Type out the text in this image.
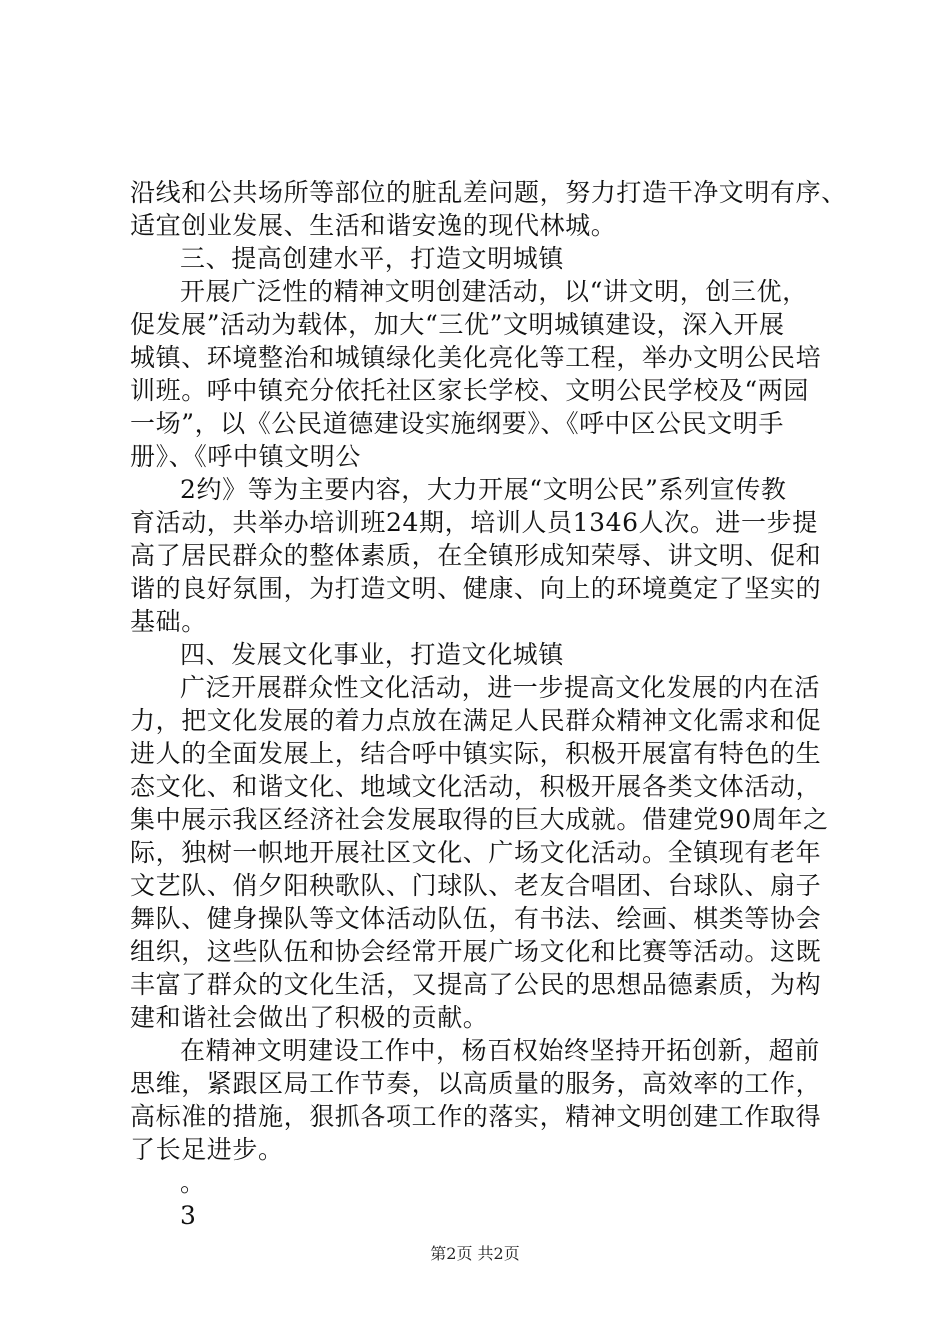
沿线和公共场所等部位的脏乱差问题，努力打造干净文明有序、
适宜创业发展、生活和谐安逸的现代林城。
三、提高创建水平，打造文明城镇
开展广泛性的精神文明创建活动，以“讲文明，创三优，
促发展”活动为载体，加大“三优”文明城镇建设，深入开展
城镇、环境整治和城镇绿化美化亮化等工程，举办文明公民培
训班。呼中镇充分依托社区家长学校、文明公民学校及“两园
一场”，以《公民道德建设实施纲要》、《呼中区公民文明手
册》、《呼中镇文明公
2约》等为主要内容，大力开展“文明公民”系列宣传教
育活动，共举办培训班24期，培训人员1346人次。进一步提
高了居民群众的整体素质，在全镇形成知荣辱、讲文明、促和
谐的良好氛围，为打造文明、健康、向上的环境奠定了坚实的
基础。
四、发展文化事业，打造文化城镇
广泛开展群众性文化活动，进一步提高文化发展的内在活
力，把文化发展的着力点放在满足人民群众精神文化需求和促
进人的全面发展上，结合呼中镇实际，积极开展富有特色的生
态文化、和谐文化、地域文化活动，积极开展各类文体活动，
集中展示我区经济社会发展取得的巨大成就。借建党90周年之
际，独树一帜地开展社区文化、广场文化活动。全镇现有老年
文艺队、俏夕阳秧歌队、门球队、老友合唱团、台球队、扇子
舞队、健身操队等文体活动队伍，有书法、绘画、棋类等协会
组织，这些队伍和协会经常开展广场文化和比赛等活动。这既
丰富了群众的文化生活，又提高了公民的思想品德素质，为构
建和谐社会做出了积极的贡献。
在精神文明建设工作中，杨百权始终坚持开拓创新，超前
思维，紧跟区局工作节奏，以高质量的服务，高效率的工作，
高标准的措施，狠抓各项工作的落实，精神文明创建工作取得
了长足进步。
。
3
第2页 共2页
